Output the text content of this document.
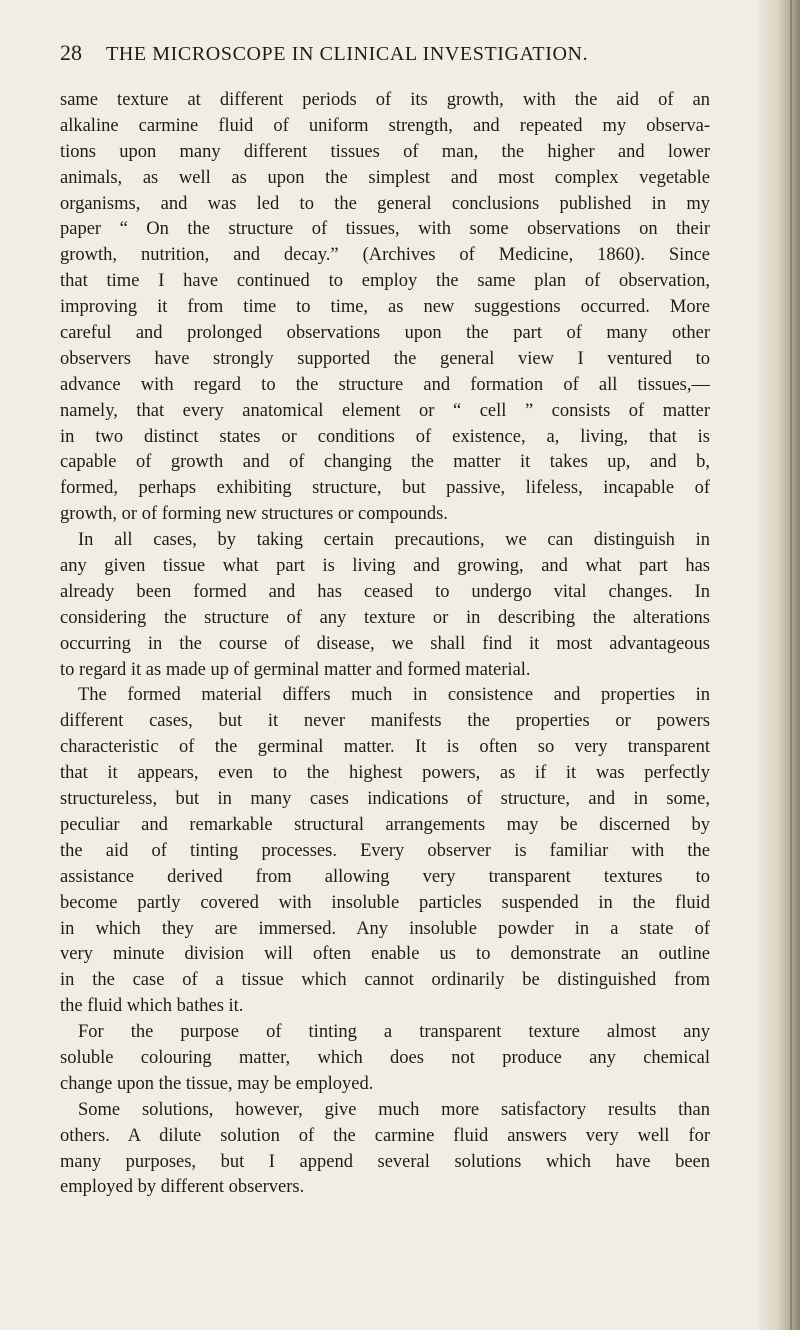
28 THE MICROSCOPE IN CLINICAL INVESTIGATION.
same texture at different periods of its growth, with the aid of an
alkaline carmine fluid of uniform strength, and repeated my observa-
tions upon many different tissues of man, the higher and lower
animals, as well as upon the simplest and most complex vegetable
organisms, and was led to the general conclusions published in my
paper “ On the structure of tissues, with some observations on their
growth, nutrition, and decay.” (Archives of Medicine, 1860). Since
that time I have continued to employ the same plan of observation,
improving it from time to time, as new suggestions occurred. More
careful and prolonged observations upon the part of many other
observers have strongly supported the general view I ventured to
advance with regard to the structure and formation of all tissues,—
namely, that every anatomical element or “ cell ” consists of matter
in two distinct states or conditions of existence, a, living, that is
capable of growth and of changing the matter it takes up, and b,
formed, perhaps exhibiting structure, but passive, lifeless, incapable of
growth, or of forming new structures or compounds.
In all cases, by taking certain precautions, we can distinguish in
any given tissue what part is living and growing, and what part has
already been formed and has ceased to undergo vital changes. In
considering the structure of any texture or in describing the alterations
occurring in the course of disease, we shall find it most advantageous
to regard it as made up of germinal matter and formed material.
The formed material differs much in consistence and properties in
different cases, but it never manifests the properties or powers
characteristic of the germinal matter. It is often so very transparent
that it appears, even to the highest powers, as if it was perfectly
structureless, but in many cases indications of structure, and in some,
peculiar and remarkable structural arrangements may be discerned by
the aid of tinting processes. Every observer is familiar with the
assistance derived from allowing very transparent textures to
become partly covered with insoluble particles suspended in the fluid
in which they are immersed. Any insoluble powder in a state of
very minute division will often enable us to demonstrate an outline
in the case of a tissue which cannot ordinarily be distinguished from
the fluid which bathes it.
For the purpose of tinting a transparent texture almost any
soluble colouring matter, which does not produce any chemical
change upon the tissue, may be employed.
Some solutions, however, give much more satisfactory results than
others. A dilute solution of the carmine fluid answers very well for
many purposes, but I append several solutions which have been
employed by different observers.
